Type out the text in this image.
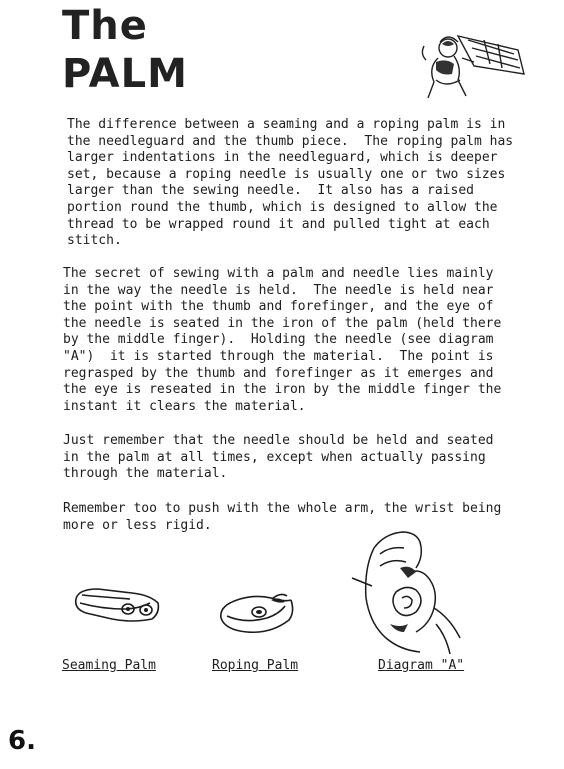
The
PALM

The difference between a seaming and a roping palm is in
the needleguard and the thumb piece.  The roping palm has
larger indentations in the needleguard, which is deeper
set, because a roping needle is usually one or two sizes
larger than the sewing needle.  It also has a raised
portion round the thumb, which is designed to allow the
thread to be wrapped round it and pulled tight at each
stitch.

The secret of sewing with a palm and needle lies mainly
in the way the needle is held.  The needle is held near
the point with the thumb and forefinger, and the eye of
the needle is seated in the iron of the palm (held there
by the middle finger).  Holding the needle (see diagram
"A")  it is started through the material.  The point is
regrasped by the thumb and forefinger as it emerges and
the eye is reseated in the iron by the middle finger the
instant it clears the material.

Just remember that the needle should be held and seated
in the palm at all times, except when actually passing
through the material.

Remember too to push with the whole arm, the wrist being
more or less rigid.

Seaming Palm	Roping Palm	Diagram "A"
6.
